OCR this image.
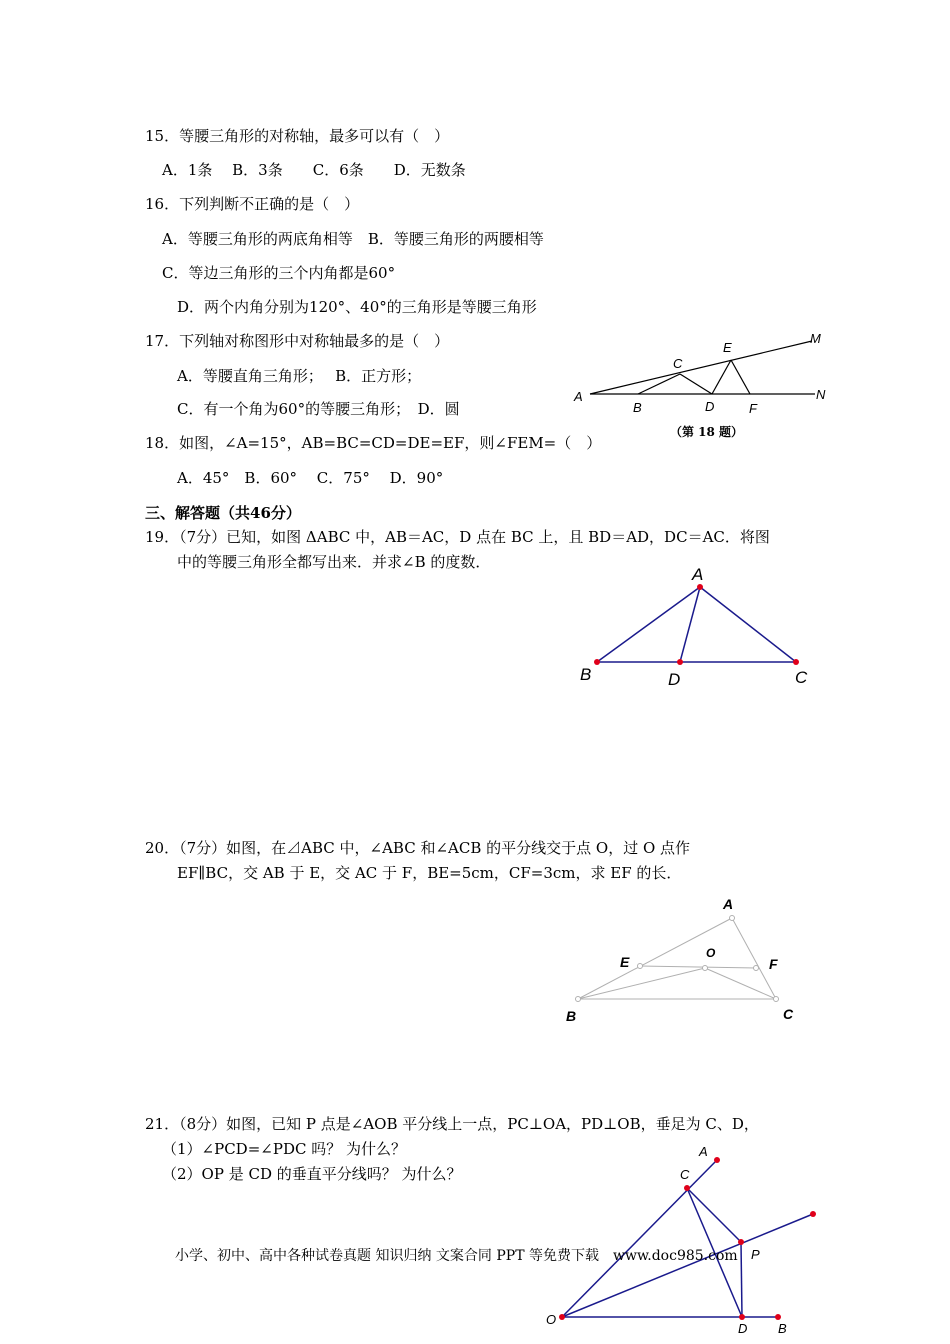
15．等腰三角形的对称轴，最多可以有（　）
A．1条　 B．3条　　C．6条　　D．无数条
16．下列判断不正确的是（　）
A．等腰三角形的两底角相等　B．等腰三角形的两腰相等
C．等边三角形的三个内角都是60°
D．两个内角分别为120°、40°的三角形是等腰三角形
17．下列轴对称图形中对称轴最多的是（　）
A．等腰直角三角形；　 B．正方形；
C．有一个角为60°的等腰三角形；　D．圆
18．如图，∠A=15°，AB=BC=CD=DE=EF，则∠FEM=（　）
A．45°　B．60°　 C．75°　 D．90°
A
B
C
D
E
F
M
N
（第 18 题）
三、解答题（共46分）
19．（7分）已知，如图 ΔABC 中，AB＝AC，D 点在 BC 上，且 BD＝AD，DC＝AC．将图
中的等腰三角形全都写出来．并求∠B 的度数．
A
B	D	C
20．（7分）如图，在⊿ABC 中，∠ABC 和∠ACB 的平分线交于点 O，过 O 点作
EF∥BC，交 AB 于 E，交 AC 于 F，BE=5cm，CF=3cm，求 EF 的长．
A
E
O
F
B	C
21．（8分）如图，已知 P 点是∠AOB 平分线上一点，PC⊥OA，PD⊥OB，垂足为 C、D，
（1）∠PCD=∠PDC 吗？ 为什么？
（2）OP 是 CD 的垂直平分线吗？ 为什么？
A
C
P
O
D B
小学、初中、高中各种试卷真题 知识归纳 文案合同 PPT 等免费下载　www.doc985.com
